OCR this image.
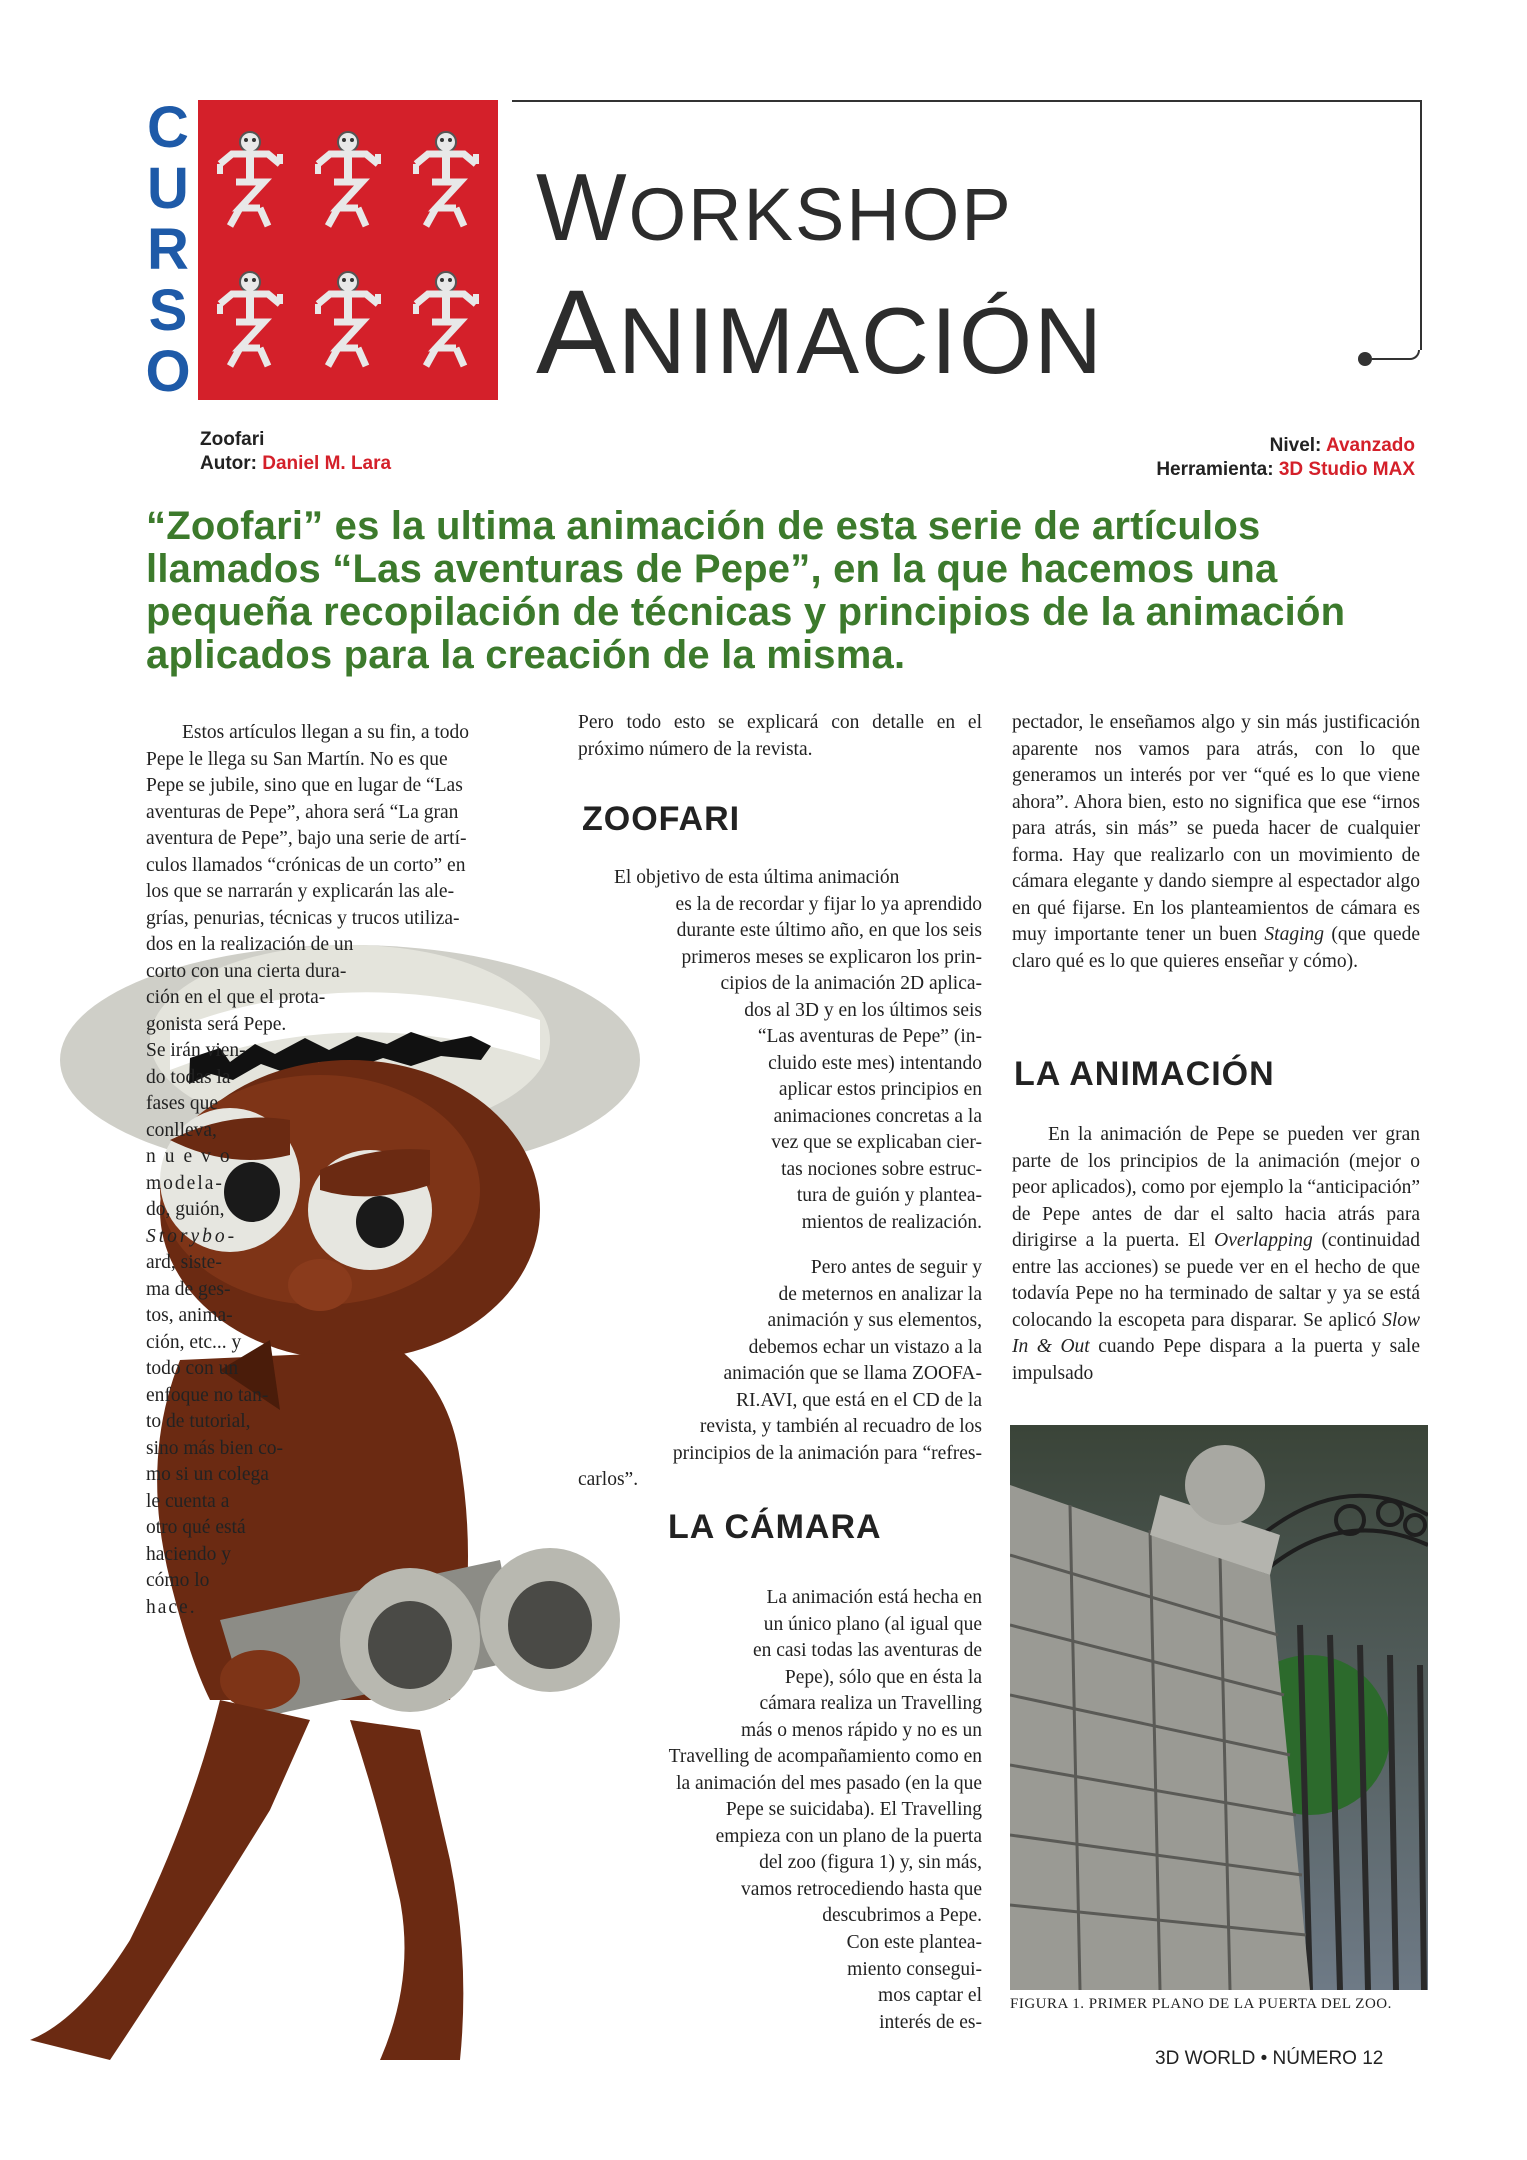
C
U
R
S
O
WORKSHOP
ANIMACIÓN
Zoofari
Autor: Daniel M. Lara
Nivel: Avanzado
Herramienta: 3D Studio MAX
“Zoofari” es la ultima animación de esta serie de artículos llamados “Las aventuras de Pepe”, en la que hacemos una pequeña recopilación de técnicas y principios de la animación aplicados para la creación de la misma.
Estos artículos llegan a su fin, a todo
Pepe le llega su San Martín. No es que
Pepe se jubile, sino que en lugar de “Las
aventuras de Pepe”, ahora será “La gran
aventura de Pepe”, bajo una serie de artí-
culos llamados “crónicas de un corto” en
los que se narrarán y explicarán las ale-
grías, penurias, técnicas y trucos utiliza-
dos en la realización de un
corto con una cierta dura-
ción en el que el prota-
gonista será Pepe.
Se irán vien-
do todas la
fases que
conlleva,
nuevo
modela-
do, guión,
Storybo-
ard, siste-
ma de ges-
tos, anima-
ción, etc... y
todo con un
enfoque no tan-
to de tutorial,
sino más bien co-
mo si un colega
le cuenta a
otro qué está
haciendo y
cómo lo
hace.

Pero todo esto se explicará con detalle en el próximo número de la revista.

ZOOFARI
El objetivo de esta última animación
es la de recordar y fijar lo ya aprendido
durante este último año, en que los seis
primeros meses se explicaron los prin-
cipios de la animación 2D aplica-
dos al 3D y en los últimos seis
“Las aventuras de Pepe” (in-
cluido este mes) intentando
aplicar estos principios en
animaciones concretas a la
vez que se explicaban cier-
tas nociones sobre estruc-
tura de guión y plantea-
mientos de realización.
Pero antes de seguir y
de meternos en analizar la
animación y sus elementos,
debemos echar un vistazo a la
animación que se llama ZOOFA-
RI.AVI, que está en el CD de la
revista, y también al recuadro de los
principios de la animación para “refres-
carlos”.
LA CÁMARA
La animación está hecha en
un único plano (al igual que
en casi todas las aventuras de
Pepe), sólo que en ésta la
cámara realiza un Travelling
más o menos rápido y no es un
Travelling de acompañamiento como en
la animación del mes pasado (en la que
Pepe se suicidaba). El Travelling
empieza con un plano de la puerta
del zoo (figura 1) y, sin más,
vamos retrocediendo hasta que
descubrimos a Pepe.
Con este planteа-
miento consegui-
mos captar el
interés de es-

pectador, le enseñamos algo y sin más justificación aparente nos vamos para atrás, con lo que generamos un interés por ver “qué es lo que viene ahora”. Ahora bien, esto no significa que ese “irnos para atrás, sin más” se pueda hacer de cualquier forma. Hay que realizarlo con un movimiento de cámara elegante y dando siempre al espectador algo en qué fijarse. En los planteamientos de cámara es muy importante tener un buen Staging (que quede claro qué es lo que quieres enseñar y cómo).

LA ANIMACIÓN

En la animación de Pepe se pueden ver gran parte de los principios de la animación (mejor o peor aplicados), como por ejemplo la “anticipación” de Pepe antes de dar el salto hacia atrás para dirigirse a la puerta. El Overlapping (continuidad entre las acciones) se puede ver en el hecho de que todavía Pepe no ha terminado de saltar y ya se está colocando la escopeta para disparar. Se aplicó Slow In & Out cuando Pepe dispara a la puerta y sale impulsado

FIGURA 1. PRIMER PLANO DE LA PUERTA DEL ZOO.
64	3D WORLD • NÚMERO 12
